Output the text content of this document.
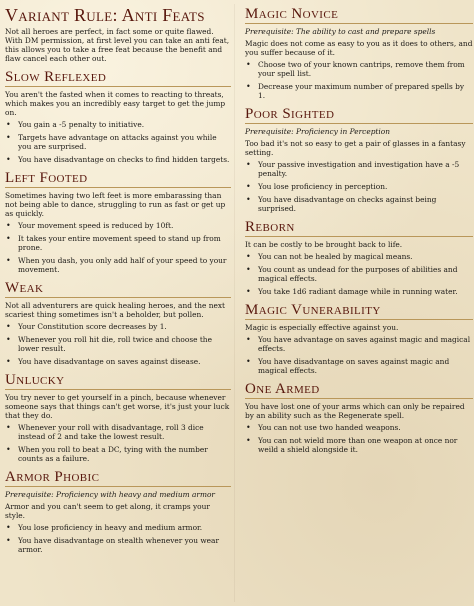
Variant Rule: Anti Feats
Not all heroes are perfect, in fact some or quite flawed. With DM permission, at first level you can take an anti feat, this allows you to take a free feat because the benefit and flaw cancel each other out.
Slow Reflexed
You aren't the fasted when it comes to reacting to threats, which makes you an incredibly easy target to get the jump on.
• You gain a -5 penalty to initiative.
• Targets have advantage on attacks against you while you are surprised.
• You have disadvantage on checks to find hidden targets.
Left Footed
Sometimes having two left feet is more embarassing than not being able to dance, struggling to run as fast or get up as quickly.
• Your movement speed is reduced by 10ft.
• It takes your entire movement speed to stand up from prone.
• When you dash, you only add half of your speed to your movement.
Weak
Not all adventurers are quick healing heroes, and the next scariest thing sometimes isn't a beholder, but pollen.
• Your Constitution score decreases by 1.
• Whenever you roll hit die, roll twice and choose the lower result.
• You have disadvantage on saves against disease.
Unlucky
You try never to get yourself in a pinch, because whenever someone says that things can't get worse, it's just your luck that they do.
• Whenever your roll with disadvantage, roll 3 dice instead of 2 and take the lowest result.
• When you roll to beat a DC, tying with the number counts as a failure.
Armor Phobic
Prerequisite: Proficiency with heavy and medium armor
Armor and you can't seem to get along, it cramps your style.
• You lose proficiency in heavy and medium armor.
• You have disadvantage on stealth whenever you wear armor.
Magic Novice
Prerequisite: The ability to cast and prepare spells
Magic does not come as easy to you as it does to others, and you suffer because of it.
• Choose two of your known cantrips, remove them from your spell list.
• Decrease your maximum number of prepared spells by 1.
Poor Sighted
Prerequisite: Proficiency in Perception
Too bad it's not so easy to get a pair of glasses in a fantasy setting.
• Your passive investigation and investigation have a -5 penalty.
• You lose proficiency in perception.
• You have disadvantage on checks against being surprised.
Reborn
It can be costly to be brought back to life.
• You can not be healed by magical means.
• You count as undead for the purposes of abilities and magical effects.
• You take 1d6 radiant damage while in running water.
Magic Vunerability
Magic is especially effective against you.
• You have advantage on saves against magic and magical effects.
• You have disadvantage on saves against magic and magical effects.
One Armed
You have lost one of your arms which can only be repaired by an ability such as the Regenerate spell.
• You can not use two handed weapons.
• You can not wield more than one weapon at once nor weild a shield alongside it.
